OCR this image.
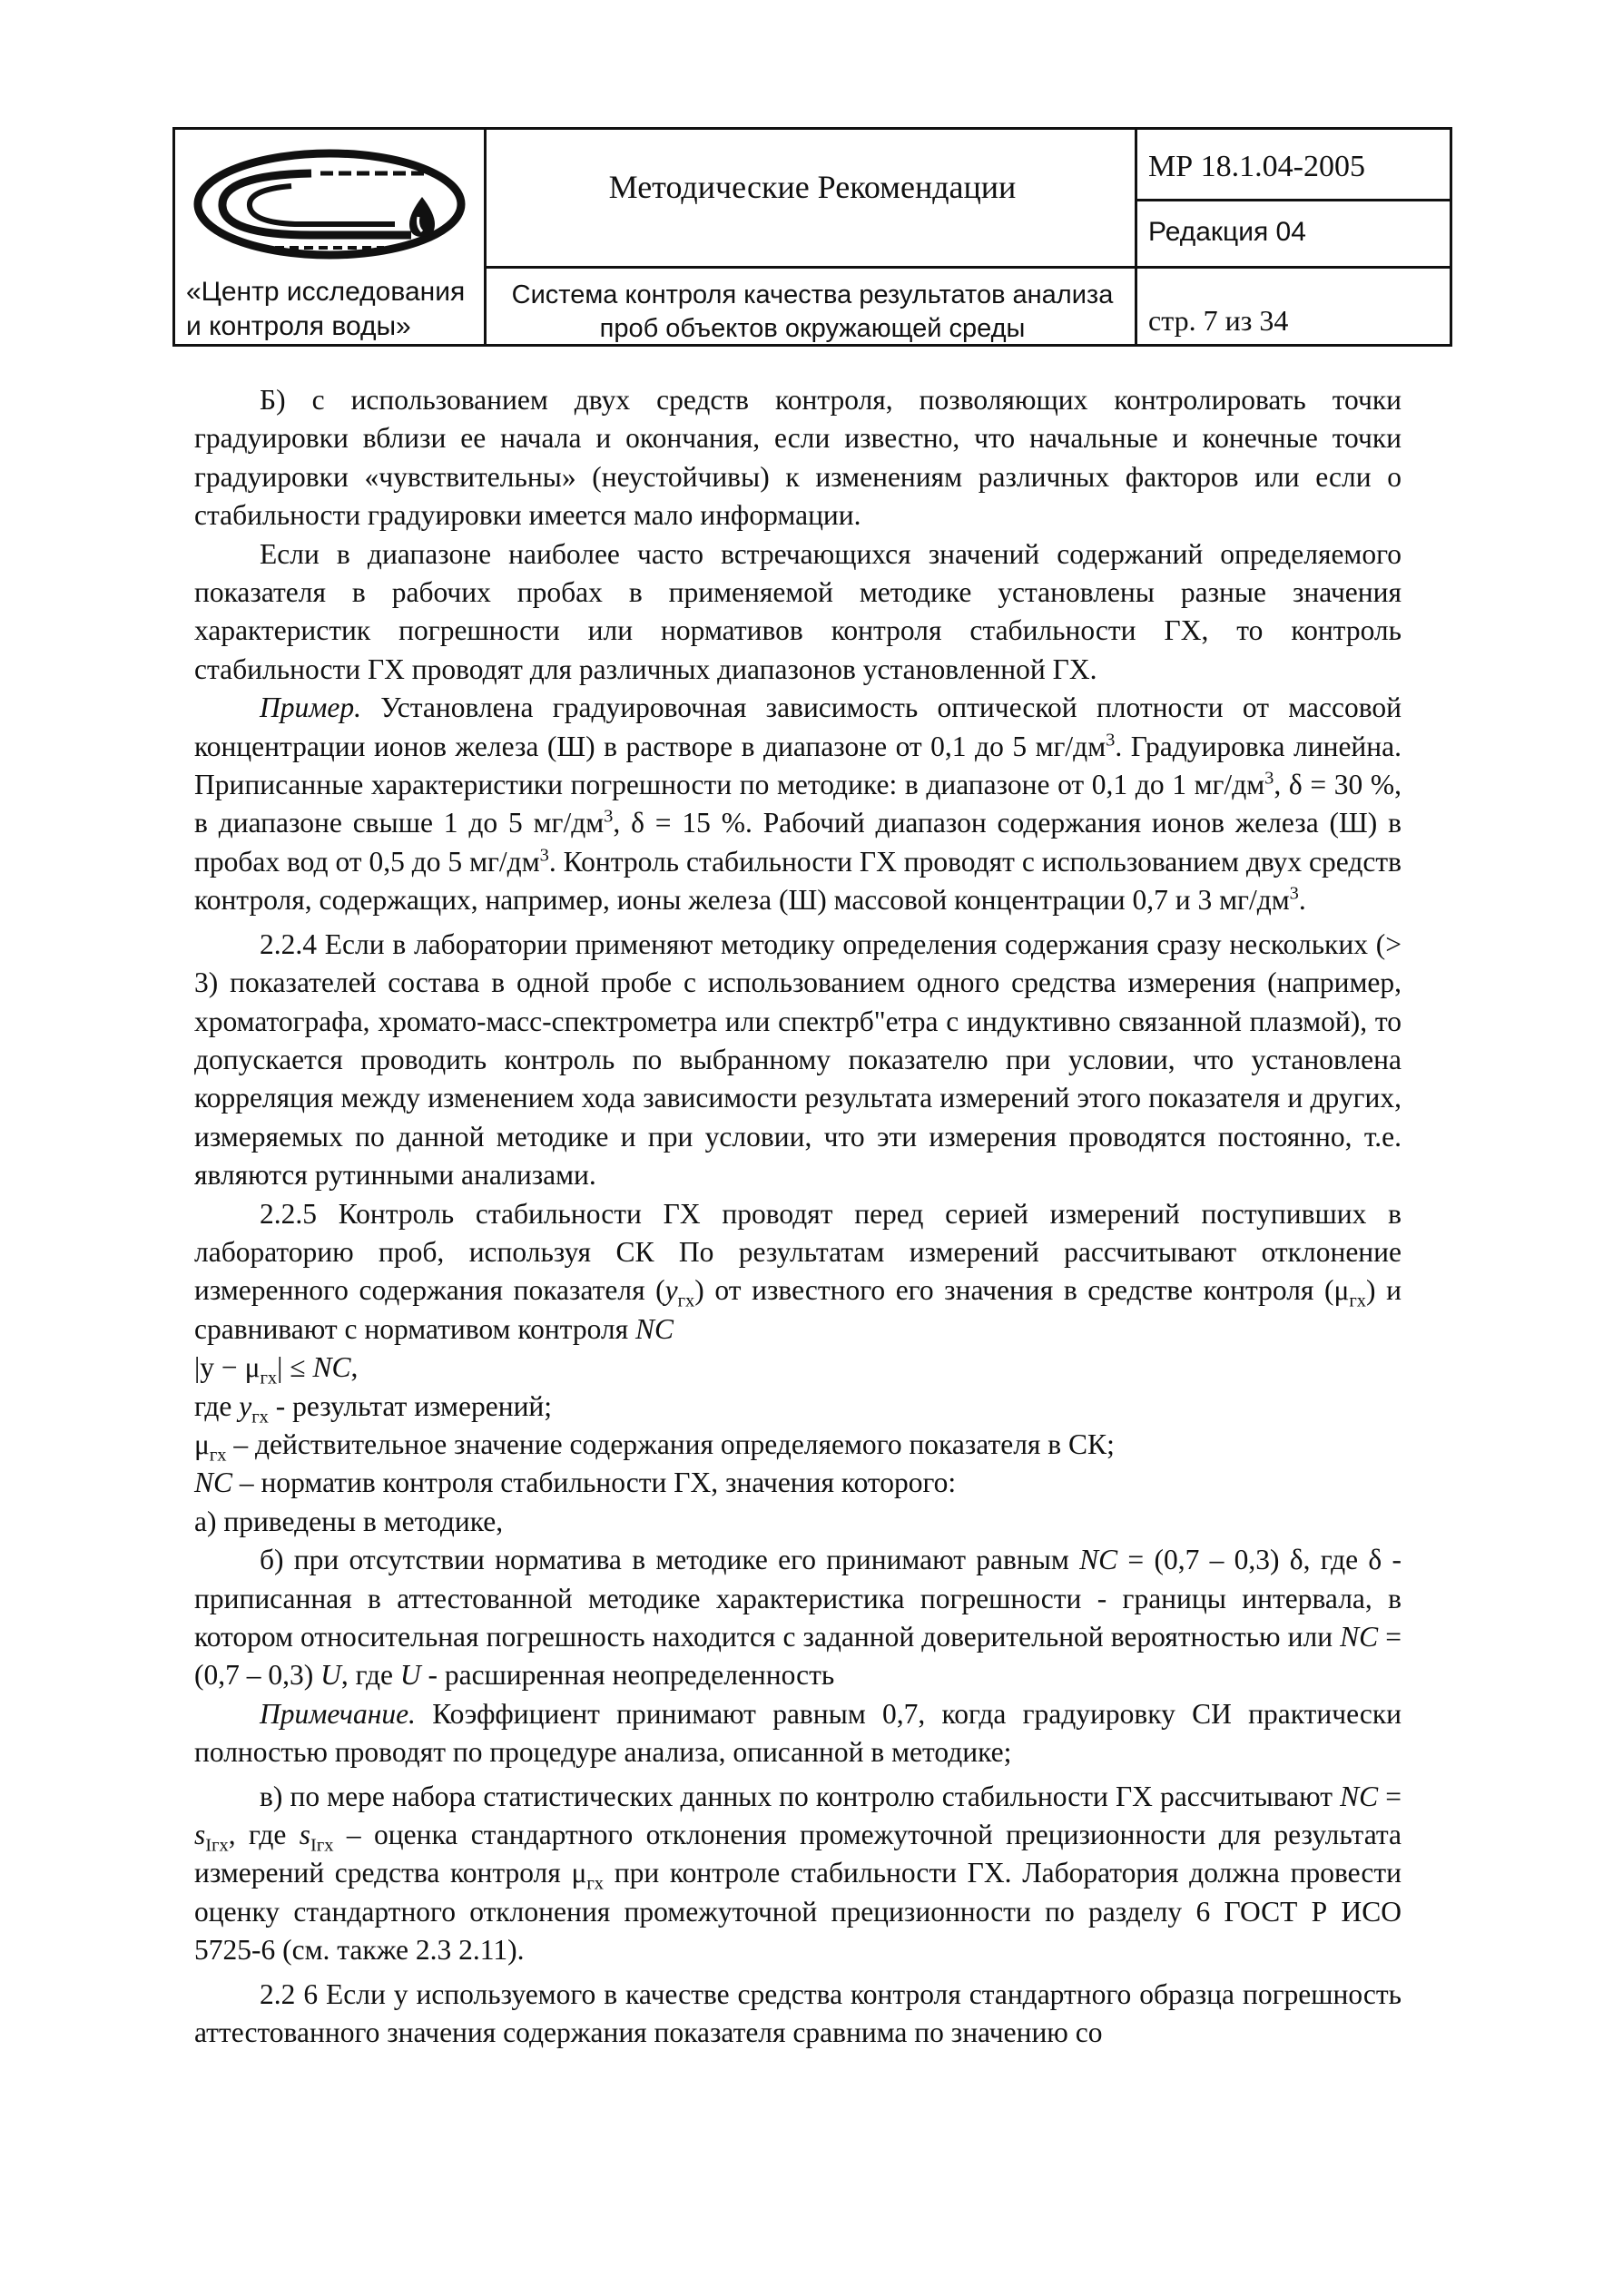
«Центр исследования
и контроля воды»
Методические Рекомендации
Система контроля качества результатов анализа
проб объектов окружающей среды
МР 18.1.04-2005
Редакция 04
стр. 7 из 34

Б) с использованием двух средств контроля, позволяющих контролировать точки градуировки вблизи ее начала и окончания, если известно, что начальные и конечные точки градуировки «чувствительны» (неустойчивы) к изменениям различных факторов или если о стабильности градуировки имеется мало информации.

Если в диапазоне наиболее часто встречающихся значений содержаний определяемого показателя в рабочих пробах в применяемой методике установлены разные значения характеристик погрешности или нормативов контроля стабильности ГХ, то контроль стабильности ГХ проводят для различных диапазонов установленной ГХ.

Пример. Установлена градуировочная зависимость оптической плотности от массовой концентрации ионов железа (Ш) в растворе в диапазоне от 0,1 до 5 $мг/дм^3$. Градуировка линейна. Приписанные характеристики погрешности по методике: в диапазоне от 0,1 до 1 $мг/дм^3$, δ = 30 %, в диапазоне свыше 1 до 5 $мг/дм^3$, δ = 15 %. Рабочий диапазон содержания ионов железа (Ш) в пробах вод от 0,5 до 5 $мг/дм^3$. Контроль стабильности ГХ проводят с использованием двух средств контроля, содержащих, например, ионы железа (Ш) массовой концентрации 0,7 и 3 $мг/дм^3$.

2.2.4 Если в лаборатории применяют методику определения содержания сразу нескольких (> 3) показателей состава в одной пробе с использованием одного средства измерения (например, хроматографа, хромато-масс-спектрометра или спектрб"етра с индуктивно связанной плазмой), то допускается проводить контроль по выбранному показателю при условии, что установлена корреляция между изменением хода зависимости результата измерений этого показателя и других, измеряемых по данной методике и при условии, что эти измерения проводятся постоянно, т.е. являются рутинными анализами.

2.2.5 Контроль стабильности ГХ проводят перед серией измерений поступивших в лабораторию проб, используя СК По результатам измерений рассчитывают отклонение измеренного содержания показателя $(y_{гх})$ от известного его значения в средстве контроля $(\mu_{гх})$ и сравнивают с нормативом контроля NC

$|y - \mu_{гх}|$ ≤ NC,

где $y_{гх}$ - результат измерений;

$\mu_{гх}$ – действительное значение содержания определяемого показателя в СК;

NC – норматив контроля стабильности ГХ, значения которого:

а) приведены в методике,

б) при отсутствии норматива в методике его принимают равным NC = (0,7 – 0,3) δ, где δ - приписанная в аттестованной методике характеристика погрешности - границы интервала, в котором относительная погрешность находится с заданной доверительной вероятностью или NC = (0,7 – 0,3) U, где U - расширенная неопределенность

Примечание. Коэффициент принимают равным 0,7, когда градуировку СИ практически полностью проводят по процедуре анализа, описанной в методике;

в) по мере набора статистических данных по контролю стабильности ГХ рассчитывают NC = $s_{Iгх}$, где $s_{Iгх}$ – оценка стандартного отклонения промежуточной прецизионности для результата измерений средства контроля $\mu_{гх}$ при контроле стабильности ГХ. Лаборатория должна провести оценку стандартного отклонения промежуточной прецизионности по разделу 6 ГОСТ Р ИСО 5725-6 (см. также 2.3 2.11).

2.2 6 Если у используемого в качестве средства контроля стандартного образца погрешность аттестованного значения содержания показателя сравнима по значению со
